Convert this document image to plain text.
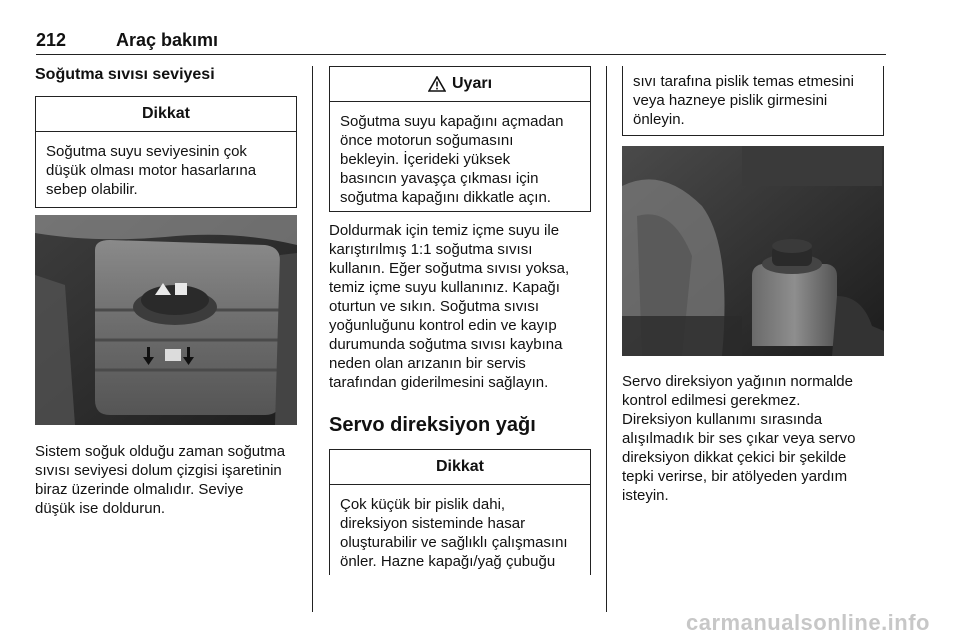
212	Araç bakımı
Soğutma sıvısı seviyesi
Dikkat
Soğutma suyu seviyesinin çok
düşük olması motor hasarlarına
sebep olabilir.
Sistem soğuk olduğu zaman soğutma
sıvısı seviyesi dolum çizgisi işaretinin
biraz üzerinde olmalıdır. Seviye
düşük ise doldurun.
Uyarı
Soğutma suyu kapağını açmadan
önce motorun soğumasını
bekleyin. İçerideki yüksek
basıncın yavaşça çıkması için
soğutma kapağını dikkatle açın.
Doldurmak için temiz içme suyu ile
karıştırılmış 1:1 soğutma sıvısı
kullanın. Eğer soğutma sıvısı yoksa,
temiz içme suyu kullanınız. Kapağı
oturtun ve sıkın. Soğutma sıvısı
yoğunluğunu kontrol edin ve kayıp
durumunda soğutma sıvısı kaybına
neden olan arızanın bir servis
tarafından giderilmesini sağlayın.
Servo direksiyon yağı
Dikkat
Çok küçük bir pislik dahi,
direksiyon sisteminde hasar
oluşturabilir ve sağlıklı çalışmasını
önler. Hazne kapağı/yağ çubuğu
sıvı tarafına pislik temas etmesini
veya hazneye pislik girmesini
önleyin.
Servo direksiyon yağının normalde
kontrol edilmesi gerekmez.
Direksiyon kullanımı sırasında
alışılmadık bir ses çıkar veya servo
direksiyon dikkat çekici bir şekilde
tepki verirse, bir atölyeden yardım
isteyin.
carmanualsonline.info
